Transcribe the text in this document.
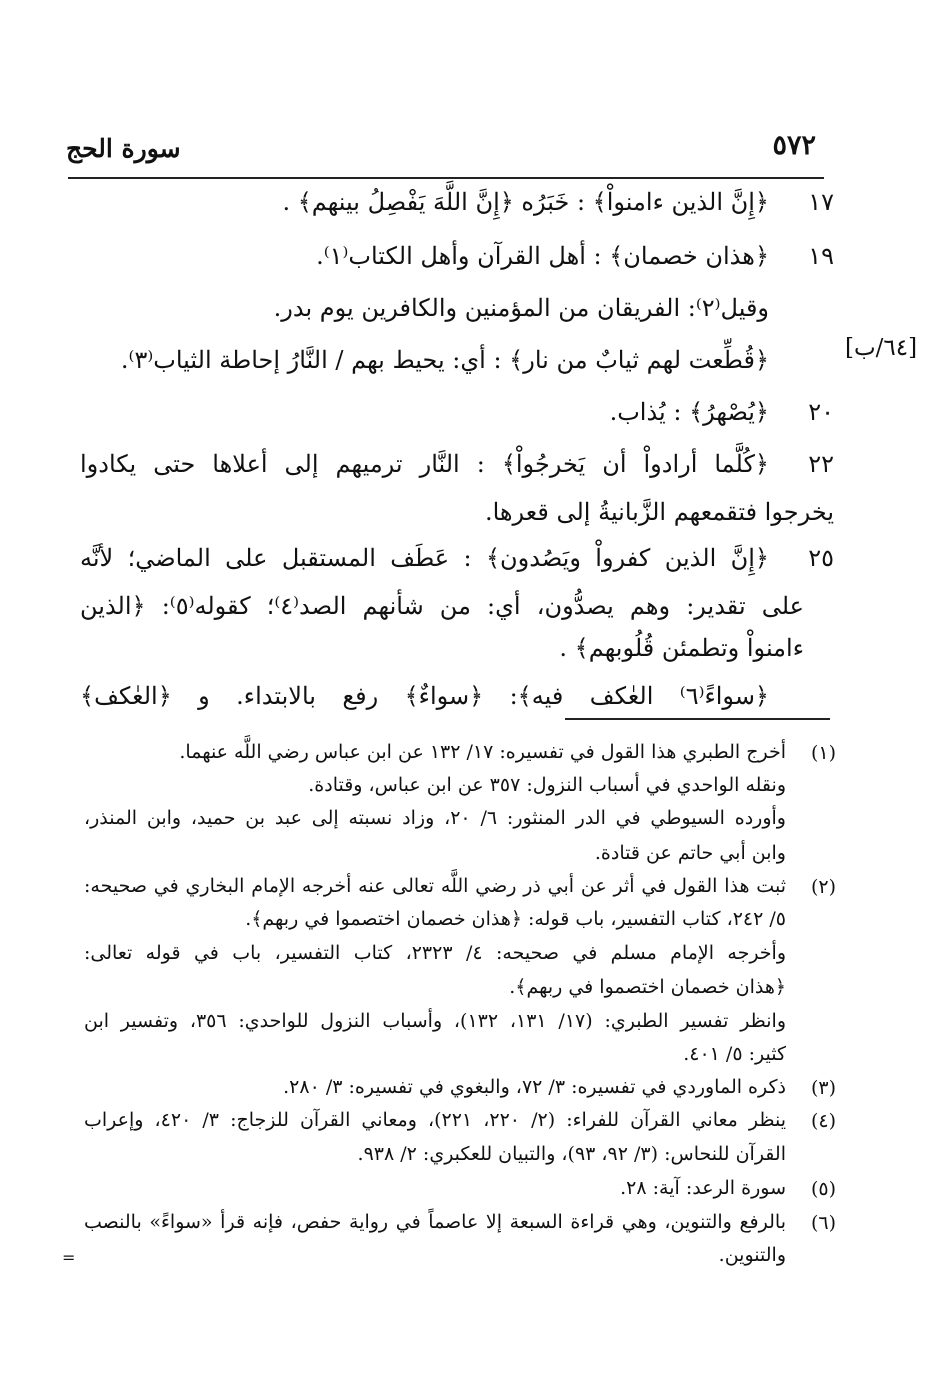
٥٧٢
سورة الحج
[٦٤/ب]
١٧
﴿إِنَّ الذين ءامنواْ﴾ : خَبَرُه ﴿إِنَّ اللَّهَ يَفْصِلُ بينهم﴾ .
١٩
﴿هذان خصمان﴾ : أهل القرآن وأهل الكتاب⁽١⁾.
وقيل⁽٢⁾: الفريقان من المؤمنين والكافرين يوم بدر.
﴿قُطِّعت لهم ثيابٌ من نار﴾ : أي: يحيط بهم / النَّارُ إحاطة الثياب⁽٣⁾.
٢٠
﴿يُصْهرُ﴾ : يُذاب.
٢٢
﴿كُلَّما أرادواْ أن يَخرجُواْ﴾ : النَّار ترميهم إلى أعلاها حتى يكادوا
يخرجوا فتقمعهم الزَّبانيةُ إلى قعرها.
٢٥
﴿إِنَّ الذين كفرواْ ويَصُدون﴾ : عَطَف المستقبل على الماضي؛ لأنَّه
على تقدير: وهم يصدُّون، أي: من شأنهم الصد⁽٤⁾؛ كقوله⁽٥⁾: ﴿الذين
ءامنواْ وتطمئن قُلُوبهم﴾ .
﴿سواءً⁽٦⁾ العٰكف فيه﴾: ﴿سواءٌ﴾ رفع بالابتداء. و ﴿العٰكف﴾
(١)
أخرج الطبري هذا القول في تفسيره: ١٧/ ١٣٢ عن ابن عباس رضي اللَّه عنهما.
ونقله الواحدي في أسباب النزول: ٣٥٧ عن ابن عباس، وقتادة.
وأورده السيوطي في الدر المنثور: ٦/ ٢٠، وزاد نسبته إلى عبد بن حميد، وابن المنذر،
وابن أبي حاتم عن قتادة.
(٢)
ثبت هذا القول في أثر عن أبي ذر رضي اللَّه تعالى عنه أخرجه الإمام البخاري في صحيحه:
٥/ ٢٤٢، كتاب التفسير، باب قوله: ﴿هذان خصمان اختصموا في ربهم﴾.
وأخرجه الإمام مسلم في صحيحه: ٤/ ٢٣٢٣، كتاب التفسير، باب في قوله تعالى:
﴿هذان خصمان اختصموا في ربهم﴾.
وانظر تفسير الطبري: (١٧/ ١٣١، ١٣٢)، وأسباب النزول للواحدي: ٣٥٦، وتفسير ابن
كثير: ٥/ ٤٠١.
(٣)
ذكره الماوردي في تفسيره: ٣/ ٧٢، والبغوي في تفسيره: ٣/ ٢٨٠.
(٤)
ينظر معاني القرآن للفراء: (٢/ ٢٢٠، ٢٢١)، ومعاني القرآن للزجاج: ٣/ ٤٢٠، وإعراب
القرآن للنحاس: (٣/ ٩٢، ٩٣)، والتبيان للعكبري: ٢/ ٩٣٨.
(٥)
سورة الرعد: آية: ٢٨.
(٦)
بالرفع والتنوين، وهي قراءة السبعة إلا عاصماً في رواية حفص، فإنه قرأ «سواءً» بالنصب
والتنوين.
=
